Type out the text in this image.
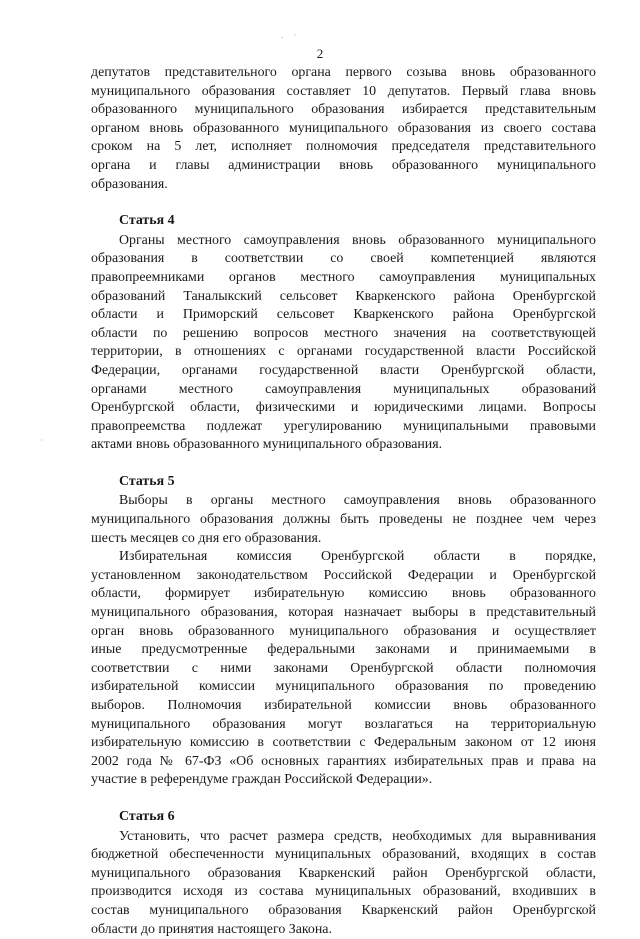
. ·
2
·
депутатов представительного органа первого созыва вновь образованного
муниципального образования составляет 10 депутатов. Первый глава вновь
образованного муниципального образования избирается представительным
органом вновь образованного муниципального образования из своего состава
сроком на 5 лет, исполняет полномочия председателя представительного
органа и главы администрации вновь образованного муниципального
образования.
Статья 4
Органы местного самоуправления вновь образованного муниципального
образования в соответствии со своей компетенцией являются
правопреемниками органов местного самоуправления муниципальных
образований Таналыкский сельсовет Кваркенского района Оренбургской
области и Приморский сельсовет Кваркенского района Оренбургской
области по решению вопросов местного значения на соответствующей
территории, в отношениях с органами государственной власти Российской
Федерации, органами государственной власти Оренбургской области,
органами местного самоуправления муниципальных образований
Оренбургской области, физическими и юридическими лицами. Вопросы
правопреемства подлежат урегулированию муниципальными правовыми
актами вновь образованного муниципального образования.
Статья 5
Выборы в органы местного самоуправления вновь образованного
муниципального образования должны быть проведены не позднее чем через
шесть месяцев со дня его образования.
Избирательная комиссия Оренбургской области в порядке,
установленном законодательством Российской Федерации и Оренбургской
области, формирует избирательную комиссию вновь образованного
муниципального образования, которая назначает выборы в представительный
орган вновь образованного муниципального образования и осуществляет
иные предусмотренные федеральными законами и принимаемыми в
соответствии с ними законами Оренбургской области полномочия
избирательной комиссии муниципального образования по проведению
выборов. Полномочия избирательной комиссии вновь образованного
муниципального образования могут возлагаться на территориальную
избирательную комиссию в соответствии с Федеральным законом от 12 июня
2002 года № 67-ФЗ «Об основных гарантиях избирательных прав и права на
участие в референдуме граждан Российской Федерации».
Статья 6
Установить, что расчет размера средств, необходимых для выравнивания
бюджетной обеспеченности муниципальных образований, входящих в состав
муниципального образования Кваркенский район Оренбургской области,
производится исходя из состава муниципальных образований, входивших в
состав муниципального образования Кваркенский район Оренбургской
области до принятия настоящего Закона.
